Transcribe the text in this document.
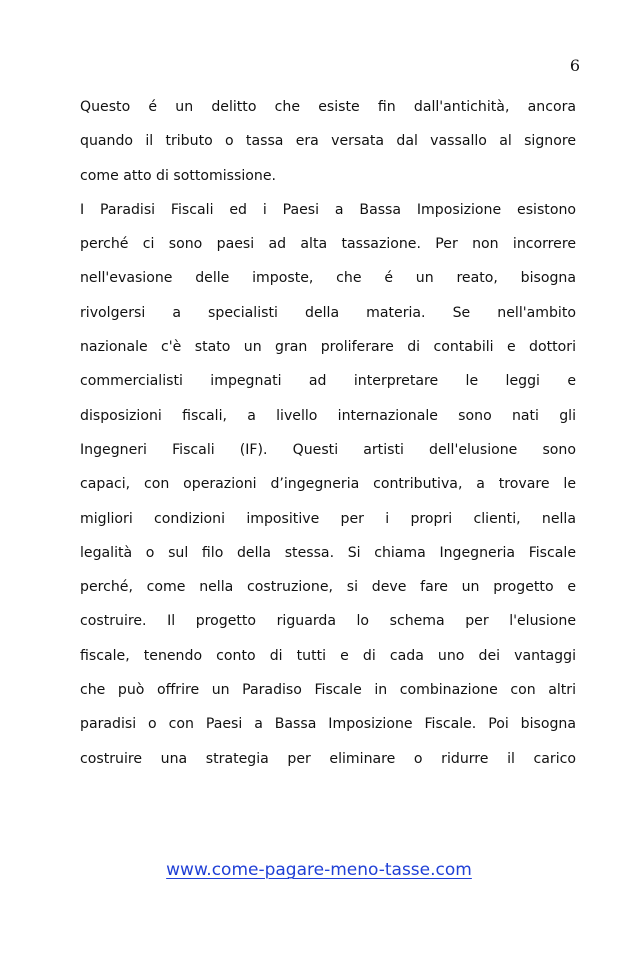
6
Questo é un delitto che esiste fin dall'antichità, ancora
quando il tributo o tassa era versata dal vassallo al signore
come atto di sottomissione.
I Paradisi Fiscali ed i Paesi a Bassa Imposizione esistono
perché ci sono paesi ad alta tassazione. Per non incorrere
nell'evasione delle imposte, che é un reato, bisogna
rivolgersi a specialisti della materia. Se nell'ambito
nazionale c'è stato un gran proliferare di contabili e dottori
commercialisti impegnati ad interpretare le leggi e
disposizioni fiscali, a livello internazionale sono nati gli
Ingegneri Fiscali (IF). Questi artisti dell'elusione sono
capaci, con operazioni d’ingegneria contributiva, a trovare le
migliori condizioni impositive per i propri clienti, nella
legalità o sul filo della stessa. Si chiama Ingegneria Fiscale
perché, come nella costruzione, si deve fare un progetto e
costruire. Il progetto riguarda lo schema per l'elusione
fiscale, tenendo conto di tutti e di cada uno dei vantaggi
che può offrire un Paradiso Fiscale in combinazione con altri
paradisi o con Paesi a Bassa Imposizione Fiscale. Poi bisogna
costruire una strategia per eliminare o ridurre il carico
www.come-pagare-meno-tasse.com
